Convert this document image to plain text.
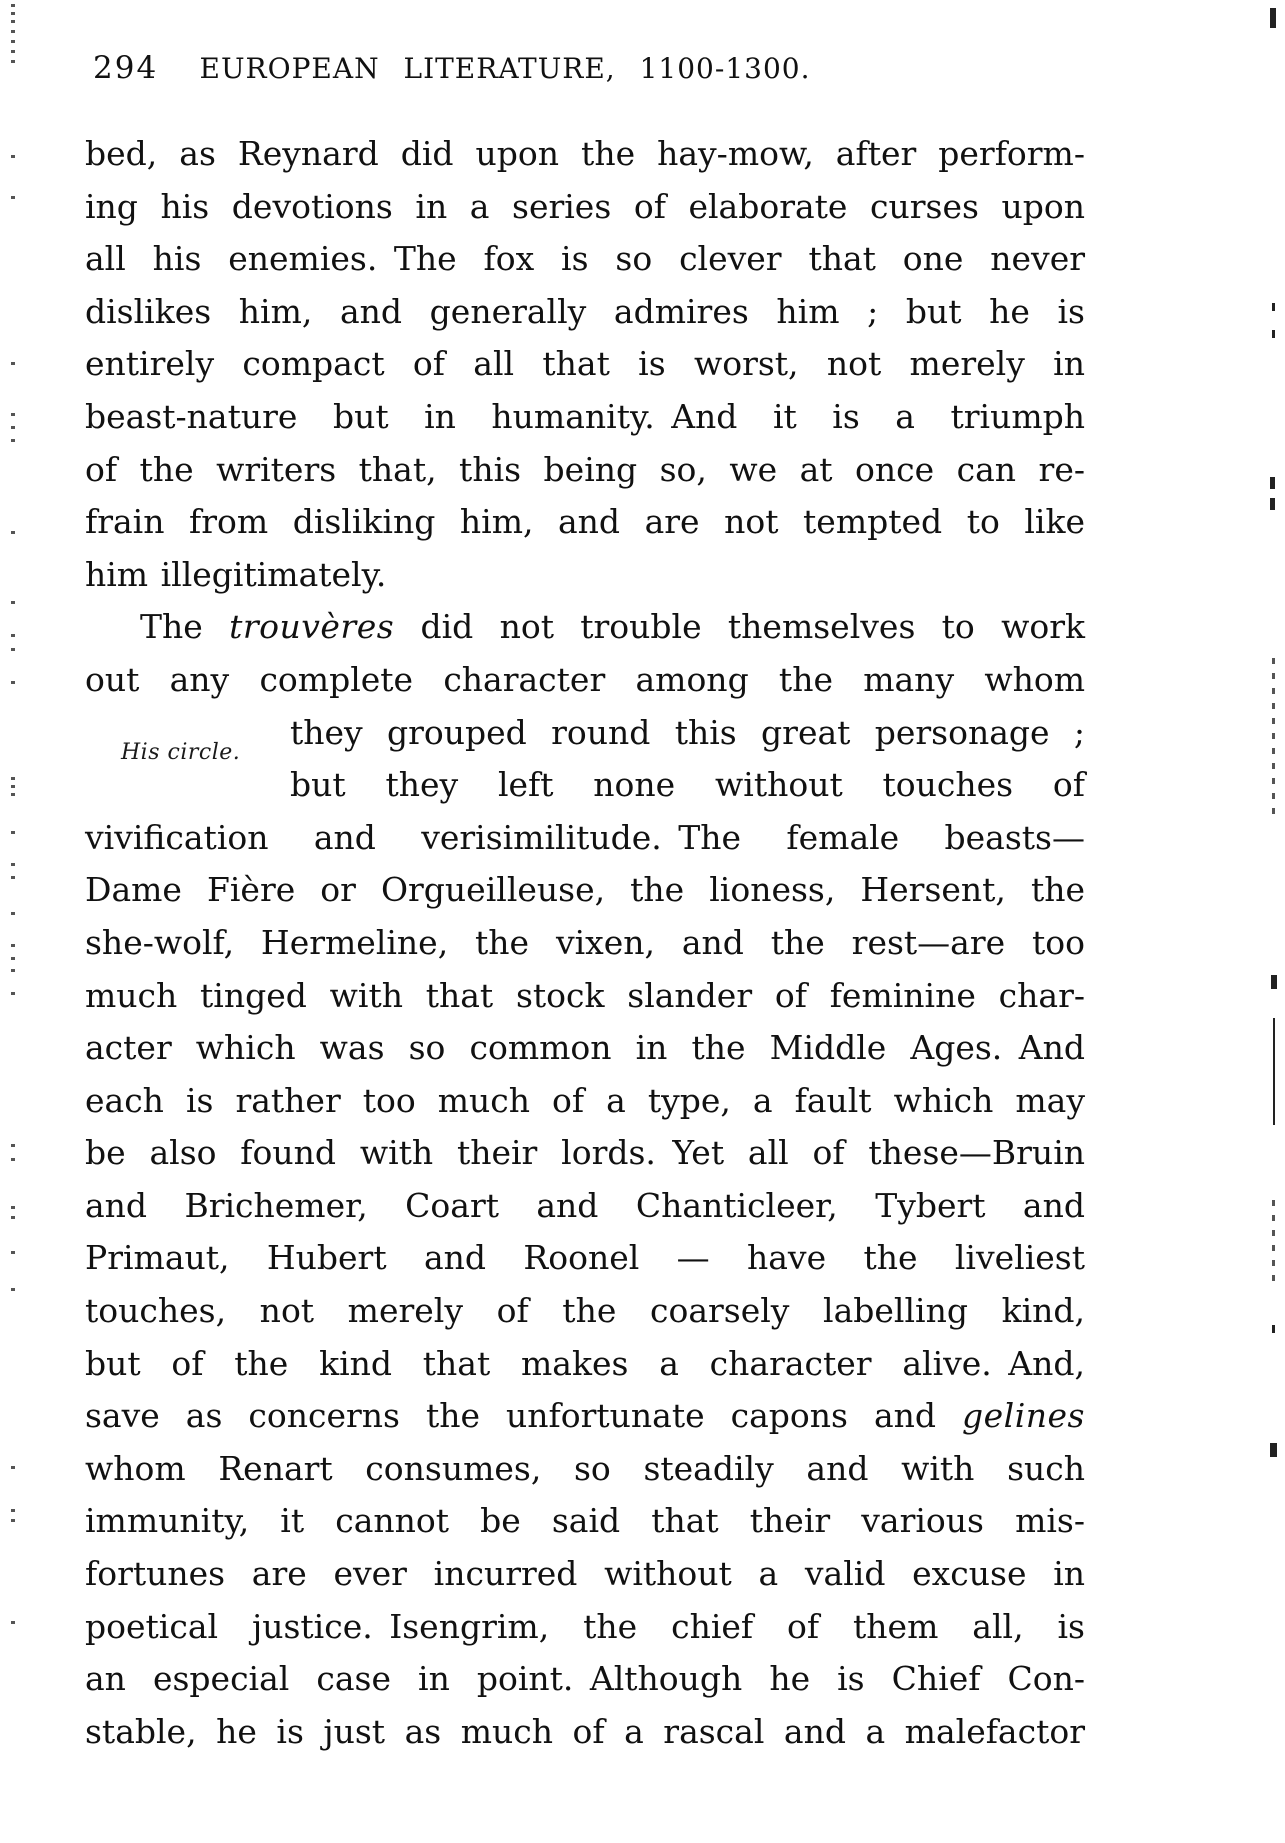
294	EUROPEAN LITERATURE, 1100-1300.
His circle.
bed, as Reynard did upon the hay-mow, after perform-
ing his devotions in a series of elaborate curses upon
all his enemies. The fox is so clever that one never
dislikes him, and generally admires him ; but he is
entirely compact of all that is worst, not merely in
beast-nature but in humanity. And it is a triumph
of the writers that, this being so, we at once can re-
frain from disliking him, and are not tempted to like
him illegitimately.
The trouvères did not trouble themselves to work
out any complete character among the many whom
they grouped round this great personage ;
but they left none without touches of
vivification and verisimilitude. The female beasts—
Dame Fière or Orgueilleuse, the lioness, Hersent, the
she-wolf, Hermeline, the vixen, and the rest—are too
much tinged with that stock slander of feminine char-
acter which was so common in the Middle Ages. And
each is rather too much of a type, a fault which may
be also found with their lords. Yet all of these—Bruin
and Brichemer, Coart and Chanticleer, Tybert and
Primaut, Hubert and Roonel — have the liveliest
touches, not merely of the coarsely labelling kind,
but of the kind that makes a character alive. And,
save as concerns the unfortunate capons and gelines
whom Renart consumes, so steadily and with such
immunity, it cannot be said that their various mis-
fortunes are ever incurred without a valid excuse in
poetical justice. Isengrim, the chief of them all, is
an especial case in point. Although he is Chief Con-
stable, he is just as much of a rascal and a malefactor
